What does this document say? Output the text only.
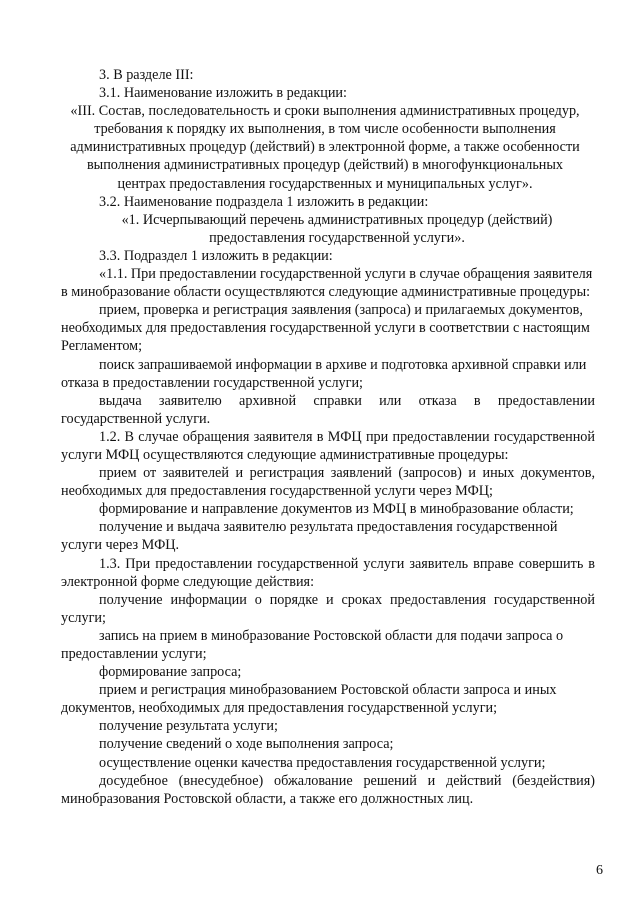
3. В разделе III:

3.1. Наименование изложить в редакции:

«III. Состав, последовательность и сроки выполнения административных процедур, требования к порядку их выполнения, в том числе особенности выполнения административных процедур (действий) в электронной форме, а также особенности выполнения административных процедур (действий) в многофункциональных центрах предоставления государственных и муниципальных услуг».

3.2. Наименование подраздела 1 изложить в редакции:

«1. Исчерпывающий перечень административных процедур (действий) предоставления государственной услуги».

3.3. Подраздел 1 изложить в редакции:

«1.1. При предоставлении государственной услуги в случае обращения заявителя в минобразование области осуществляются следующие административные процедуры:

прием, проверка и регистрация заявления (запроса) и прилагаемых документов, необходимых для предоставления государственной услуги в соответствии с настоящим Регламентом;

поиск запрашиваемой информации в архиве и подготовка архивной справки или отказа в предоставлении государственной услуги;

выдача заявителю архивной справки или отказа в предоставлении государственной услуги.

1.2. В случае обращения заявителя в МФЦ при предоставлении государственной услуги МФЦ осуществляются следующие административные процедуры:

прием от заявителей и регистрация заявлений (запросов) и иных документов, необходимых для предоставления государственной услуги через МФЦ;

формирование и направление документов из МФЦ в минобразование области;

получение и выдача заявителю результата предоставления государственной услуги через МФЦ.

1.3. При предоставлении государственной услуги заявитель вправе совершить в электронной форме следующие действия:

получение информации о порядке и сроках предоставления государственной услуги;

запись на прием в минобразование Ростовской области для подачи запроса о предоставлении услуги;

формирование запроса;

прием и регистрация минобразованием Ростовской области запроса и иных документов, необходимых для предоставления государственной услуги;

получение результата услуги;

получение сведений о ходе выполнения запроса;

осуществление оценки качества предоставления государственной услуги;

досудебное (внесудебное) обжалование решений и действий (бездействия) минобразования Ростовской области, а также его должностных лиц.

6
